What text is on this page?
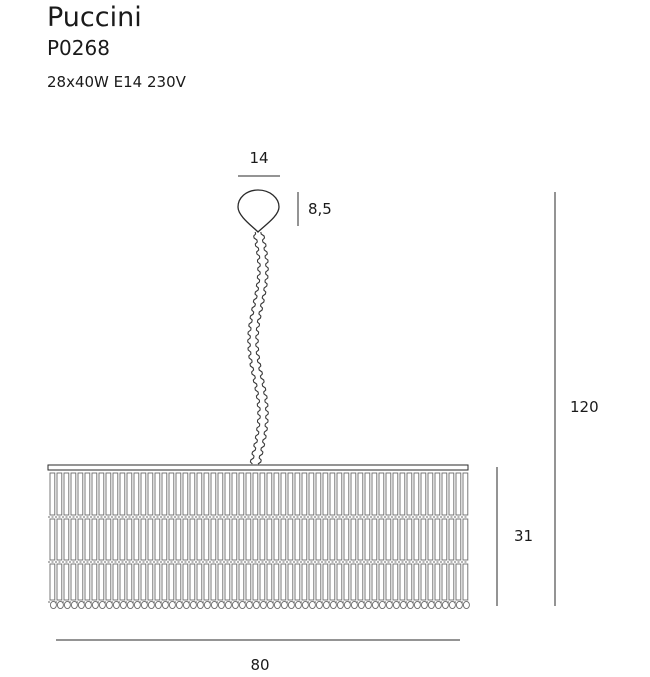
Puccini
P0268
28x40W E14 230V
14
8,5
120
31
80
